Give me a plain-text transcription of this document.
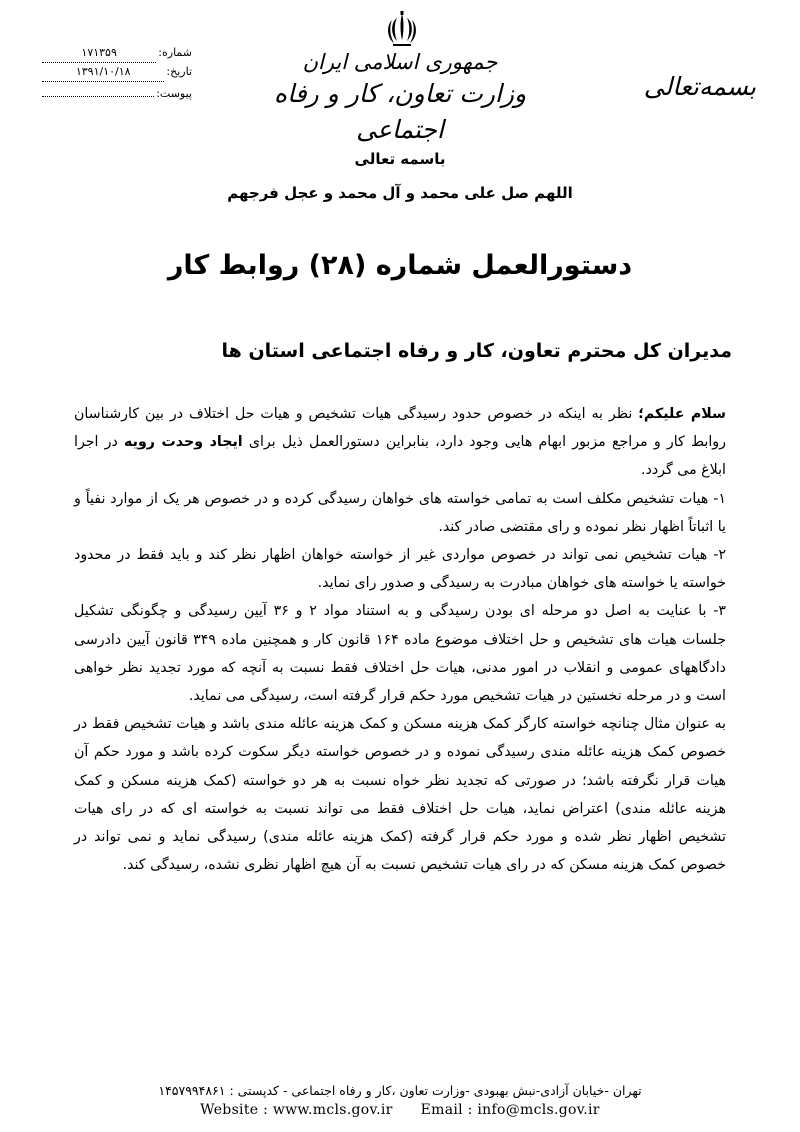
شماره:
۱۷۱۳۵۹
تاریخ:
۱۳۹۱/۱۰/۱۸
پیوست:
جمهوری اسلامی ایران
وزارت تعاون، کار و رفاه اجتماعی
بسمه‌تعالی
باسمه تعالی
اللهم صل علی محمد و آل محمد و عجل فرجهم
دستورالعمل شماره (۲۸) روابط کار
مدیران کل محترم تعاون، کار و رفاه اجتماعی استان ها

سلام علیکم؛ نظر به اینکه در خصوص حدود رسیدگی هیات تشخیص و هیات حل اختلاف در بین کارشناسان روابط کار و مراجع مزبور ابهام هایی وجود دارد، بنابراین دستورالعمل ذیل برای ایجاد وحدت رویه در اجرا ابلاغ می گردد.

۱- هیات تشخیص مکلف است به تمامی خواسته های خواهان رسیدگی کرده و در خصوص هر یک از موارد نفیاً و یا اثباتاً اظهار نظر نموده و رای مقتضی صادر کند.

۲- هیات تشخیص نمی تواند در خصوص مواردی غیر از خواسته خواهان اظهار نظر کند و باید فقط در محدود خواسته یا خواسته های خواهان مبادرت به رسیدگی و صدور رای نماید.

۳- با عنایت به اصل دو مرحله ای بودن رسیدگی و به استناد مواد ۲ و ۳۶ آیین رسیدگی و چگونگی تشکیل جلسات هیات های تشخیص و حل اختلاف موضوع ماده ۱۶۴ قانون کار و همچنین ماده ۳۴۹ قانون آیین دادرسی دادگاههای عمومی و انقلاب در امور مدنی، هیات حل اختلاف فقط نسبت به آنچه که مورد تجدید نظر خواهی است و در مرحله نخستین در هیات تشخیص مورد حکم قرار گرفته است، رسیدگی می نماید.

به عنوان مثال چنانچه خواسته کارگر کمک هزینه مسکن و کمک هزینه عائله مندی باشد و هیات تشخیص فقط در خصوص کمک هزینه عائله مندی رسیدگی نموده و در خصوص خواسته دیگر سکوت کرده باشد و مورد حکم آن هیات قرار نگرفته باشد؛ در صورتی که تجدید نظر خواه نسبت به هر دو خواسته (کمک هزینه مسکن و کمک هزینه عائله مندی) اعتراض نماید، هیات حل اختلاف فقط می تواند نسبت به خواسته ای که در رای هیات تشخیص اظهار نظر شده و مورد حکم قرار گرفته (کمک هزینه عائله مندی) رسیدگی نماید و نمی تواند در خصوص کمک هزینه مسکن که در رای هیات تشخیص نسبت به آن هیچ اظهار نظری نشده، رسیدگی کند.

تهران -خیابان آزادی-نبش بهبودی -وزارت تعاون ،کار و رفاه اجتماعی - کدپستی : ۱۴۵۷۹۹۴۸۶۱
Website : www.mcls.gov.ir Email : info@mcls.gov.ir
